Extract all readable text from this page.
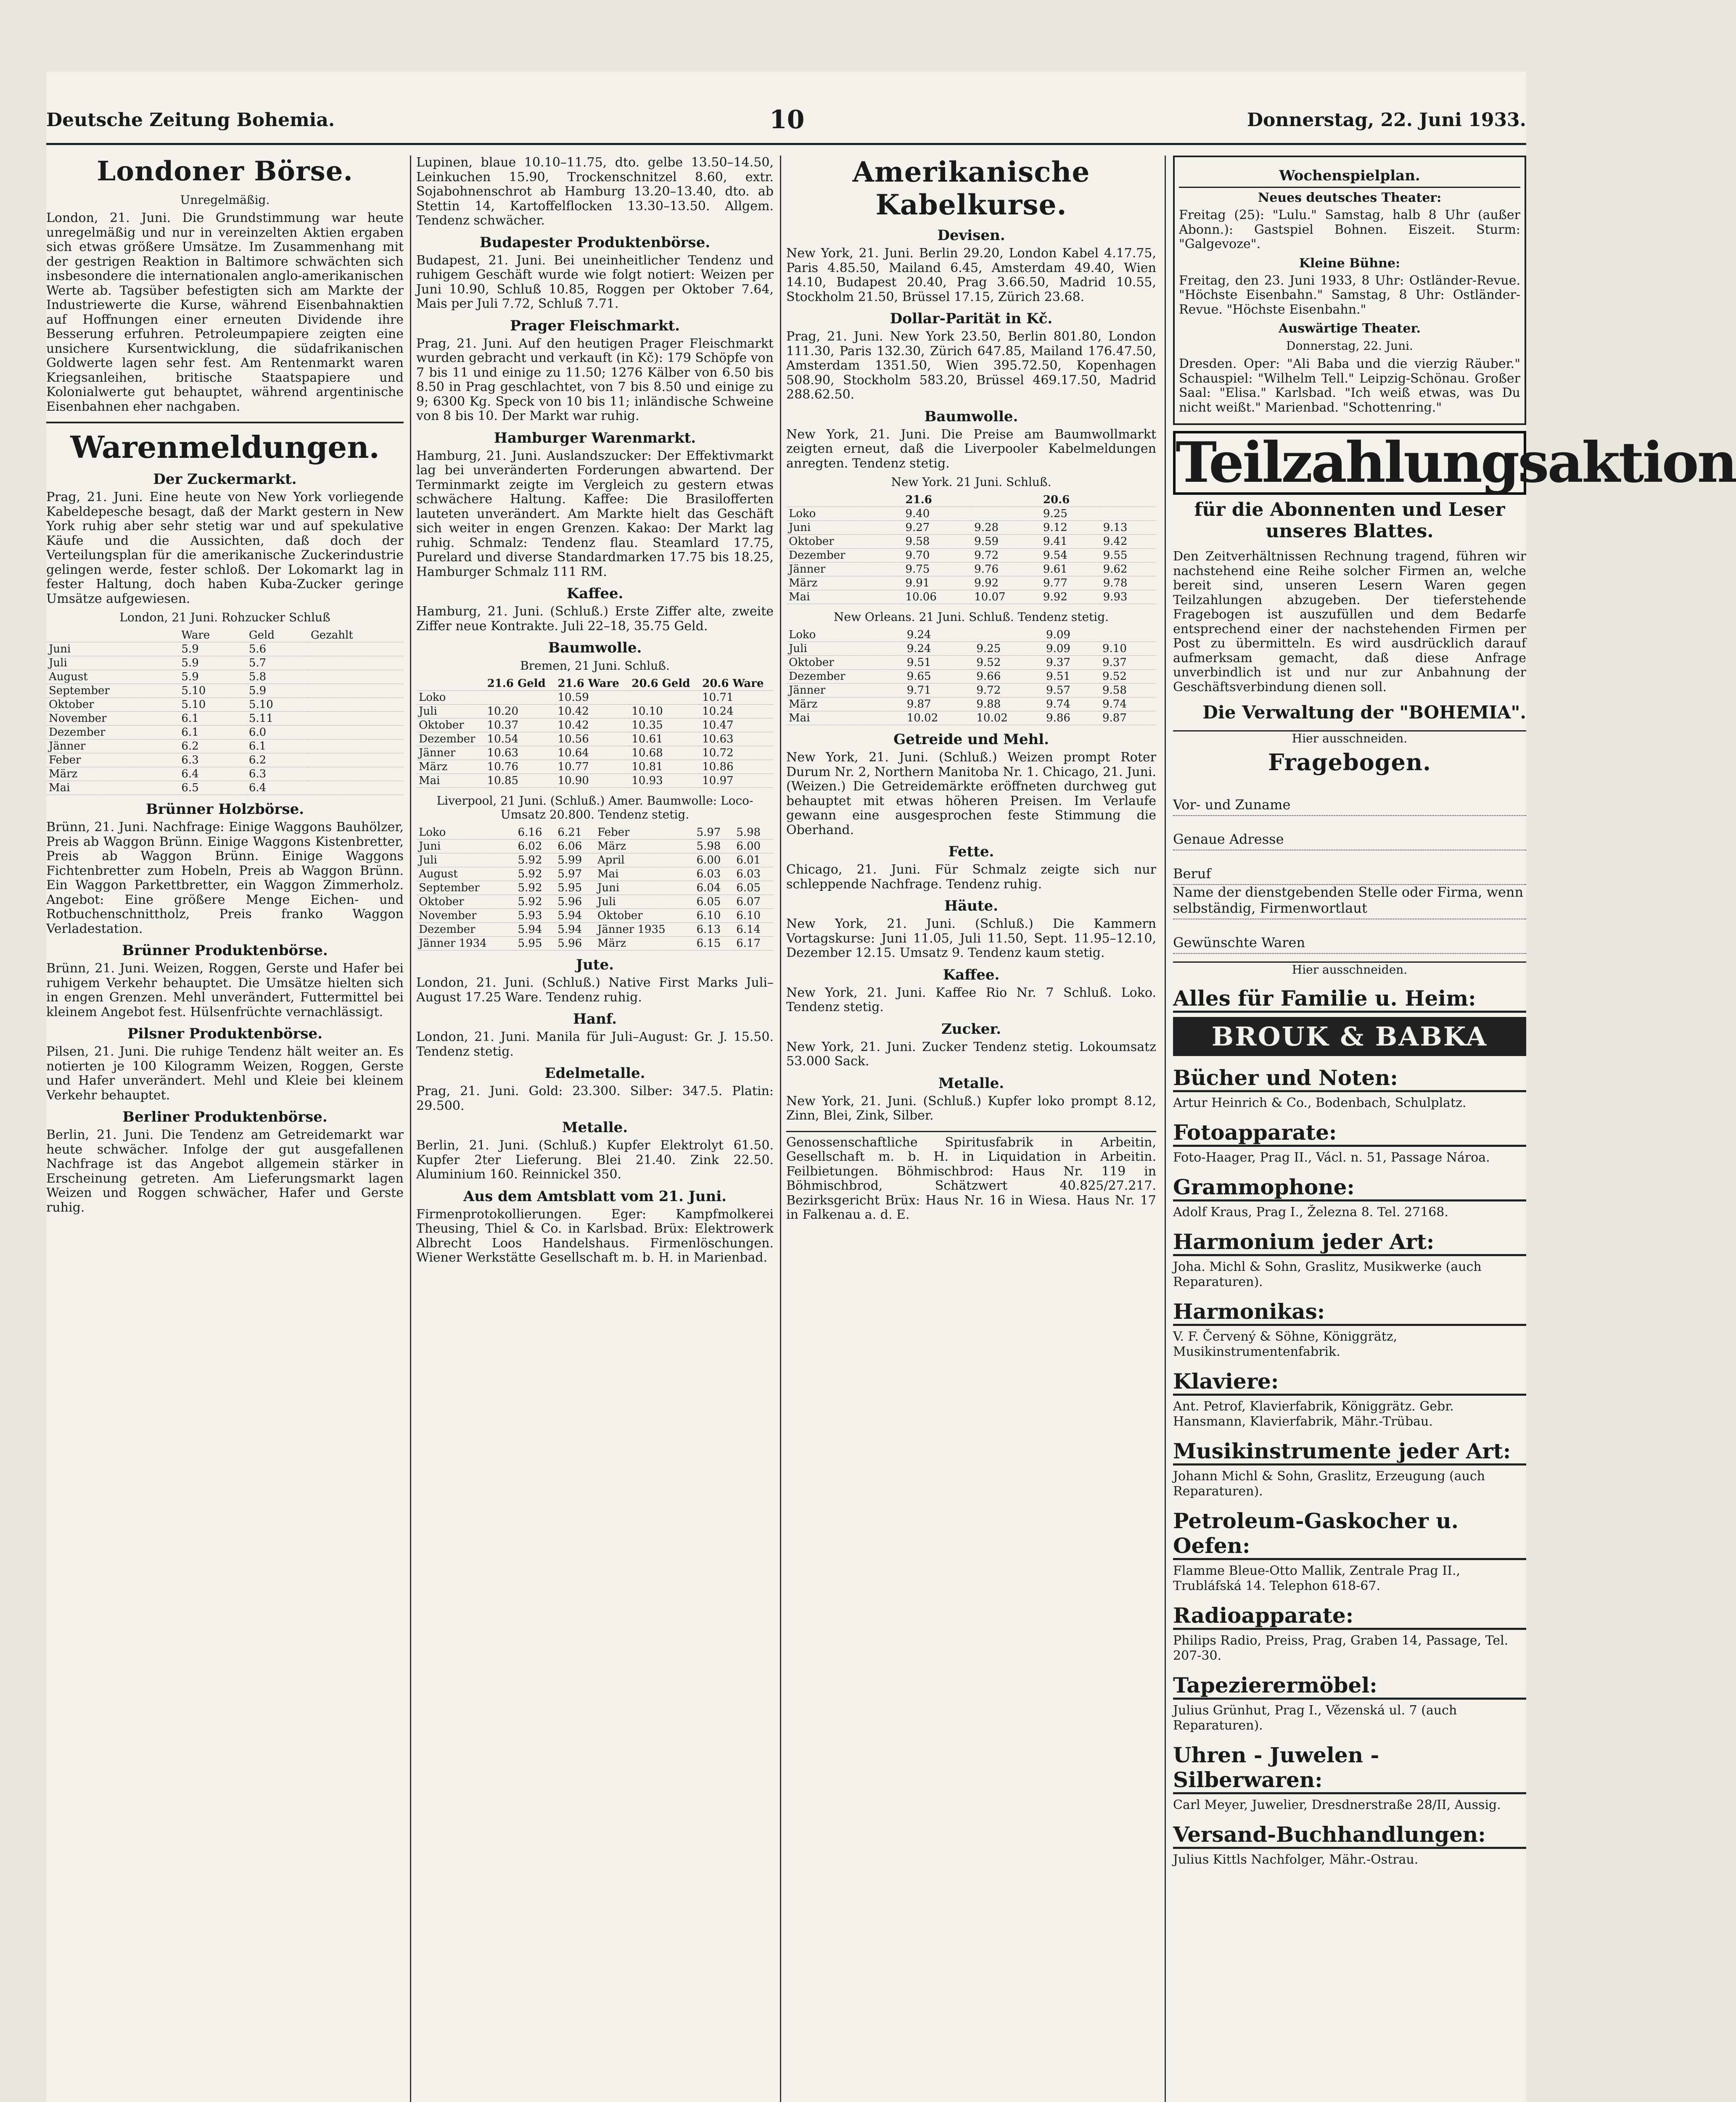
Deutsche Zeitung Bohemia.	10	Donnerstag, 22. Juni 1933.
Londoner Börse.
Unregelmäßig.

London, 21. Juni. Die Grundstimmung war heute unregelmäßig und nur in vereinzelten Aktien ergaben sich etwas größere Umsätze. Im Zusammenhang mit der gestrigen Reaktion in Baltimore schwächten sich insbesondere die internationalen anglo-amerikanischen Werte ab. Tagsüber befestigten sich am Markte der Industriewerte die Kurse, während Eisenbahnaktien auf Hoffnungen einer erneuten Dividende ihre Besserung erfuhren. Petroleumpapiere zeigten eine unsichere Kursentwicklung, die südafrikanischen Goldwerte lagen sehr fest. Am Rentenmarkt waren Kriegsanleihen, britische Staatspapiere und Kolonialwerte gut behauptet, während argentinische Eisenbahnen eher nachgaben.

Warenmeldungen.
Der Zuckermarkt.

Prag, 21. Juni. Eine heute von New York vorliegende Kabeldepesche besagt, daß der Markt gestern in New York ruhig aber sehr stetig war und auf spekulative Käufe und die Aussichten, daß doch der Verteilungsplan für die amerikanische Zuckerindustrie gelingen werde, fester schloß. Der Lokomarkt lag in fester Haltung, doch haben Kuba-Zucker geringe Umsätze aufgewiesen.

London, 21 Juni. Rohzucker Schluß
	Ware	Geld	Gezahlt
Juni	5.9	5.6	
Juli	5.9	5.7	
August	5.9	5.8	
September	5.10	5.9	
Oktober	5.10	5.10	
November	6.1	5.11	
Dezember	6.1	6.0	
Jänner	6.2	6.1	
Feber	6.3	6.2	
März	6.4	6.3	
Mai	6.5	6.4	
Brünner Holzbörse.

Brünn, 21. Juni. Nachfrage: Einige Waggons Bauhölzer, Preis ab Waggon Brünn. Einige Waggons Kistenbretter, Preis ab Waggon Brünn. Einige Waggons Fichtenbretter zum Hobeln, Preis ab Waggon Brünn. Ein Waggon Parkettbretter, ein Waggon Zimmerholz. Angebot: Eine größere Menge Eichen- und Rotbuchenschnittholz, Preis franko Waggon Verladestation.

Brünner Produktenbörse.

Brünn, 21. Juni. Weizen, Roggen, Gerste und Hafer bei ruhigem Verkehr behauptet. Die Umsätze hielten sich in engen Grenzen. Mehl unverändert, Futtermittel bei kleinem Angebot fest. Hülsenfrüchte vernachlässigt.

Pilsner Produktenbörse.

Pilsen, 21. Juni. Die ruhige Tendenz hält weiter an. Es notierten je 100 Kilogramm Weizen, Roggen, Gerste und Hafer unverändert. Mehl und Kleie bei kleinem Verkehr behauptet.

Berliner Produktenbörse.

Berlin, 21. Juni. Die Tendenz am Getreidemarkt war heute schwächer. Infolge der gut ausgefallenen Nachfrage ist das Angebot allgemein stärker in Erscheinung getreten. Am Lieferungsmarkt lagen Weizen und Roggen schwächer, Hafer und Gerste ruhig.

Lupinen, blaue 10.10–11.75, dto. gelbe 13.50–14.50, Leinkuchen 15.90, Trockenschnitzel 8.60, extr. Sojabohnenschrot ab Hamburg 13.20–13.40, dto. ab Stettin 14, Kartoffelflocken 13.30–13.50. Allgem. Tendenz schwächer.

Budapester Produktenbörse.

Budapest, 21. Juni. Bei uneinheitlicher Tendenz und ruhigem Geschäft wurde wie folgt notiert: Weizen per Juni 10.90, Schluß 10.85, Roggen per Oktober 7.64, Mais per Juli 7.72, Schluß 7.71.

Prager Fleischmarkt.

Prag, 21. Juni. Auf den heutigen Prager Fleischmarkt wurden gebracht und verkauft (in Kč): 179 Schöpfe von 7 bis 11 und einige zu 11.50; 1276 Kälber von 6.50 bis 8.50 in Prag geschlachtet, von 7 bis 8.50 und einige zu 9; 6300 Kg. Speck von 10 bis 11; inländische Schweine von 8 bis 10. Der Markt war ruhig.

Hamburger Warenmarkt.

Hamburg, 21. Juni. Auslandszucker: Der Effektivmarkt lag bei unveränderten Forderungen abwartend. Der Terminmarkt zeigte im Vergleich zu gestern etwas schwächere Haltung. Kaffee: Die Brasilofferten lauteten unverändert. Am Markte hielt das Geschäft sich weiter in engen Grenzen. Kakao: Der Markt lag ruhig. Schmalz: Tendenz flau. Steamlard 17.75, Purelard und diverse Standardmarken 17.75 bis 18.25, Hamburger Schmalz 111 RM.

Kaffee.

Hamburg, 21. Juni. (Schluß.) Erste Ziffer alte, zweite Ziffer neue Kontrakte. Juli 22–18, 35.75 Geld.

Baumwolle.
Bremen, 21 Juni. Schluß.
	21.6 Geld	21.6 Ware	20.6 Geld	20.6 Ware
Loko		10.59		10.71
Juli	10.20	10.42	10.10	10.24
Oktober	10.37	10.42	10.35	10.47
Dezember	10.54	10.56	10.61	10.63
Jänner	10.63	10.64	10.68	10.72
März	10.76	10.77	10.81	10.86
Mai	10.85	10.90	10.93	10.97
Liverpool, 21 Juni. (Schluß.) Amer. Baumwolle: Loco-Umsatz 20.800. Tendenz stetig.
Loko	6.16	6.21	Feber	5.97	5.98
Juni	6.02	6.06	März	5.98	6.00
Juli	5.92	5.99	April	6.00	6.01
August	5.92	5.97	Mai	6.03	6.03
September	5.92	5.95	Juni	6.04	6.05
Oktober	5.92	5.96	Juli	6.05	6.07
November	5.93	5.94	Oktober	6.10	6.10
Dezember	5.94	5.94	Jänner 1935	6.13	6.14
Jänner 1934	5.95	5.96	März	6.15	6.17
Jute.

London, 21. Juni. (Schluß.) Native First Marks Juli–August 17.25 Ware. Tendenz ruhig.

Hanf.

London, 21. Juni. Manila für Juli–August: Gr. J. 15.50. Tendenz stetig.

Edelmetalle.

Prag, 21. Juni. Gold: 23.300. Silber: 347.5. Platin: 29.500.

Metalle.

Berlin, 21. Juni. (Schluß.) Kupfer Elektrolyt 61.50. Kupfer 2ter Lieferung. Blei 21.40. Zink 22.50. Aluminium 160. Reinnickel 350.

Aus dem Amtsblatt vom 21. Juni.

Firmenprotokollierungen. Eger: Kampfmolkerei Theusing, Thiel & Co. in Karlsbad. Brüx: Elektrowerk Albrecht Loos Handelshaus. Firmenlöschungen. Wiener Werkstätte Gesellschaft m. b. H. in Marienbad.

Amerikanische Kabelkurse.
Devisen.

New York, 21. Juni. Berlin 29.20, London Kabel 4.17.75, Paris 4.85.50, Mailand 6.45, Amsterdam 49.40, Wien 14.10, Budapest 20.40, Prag 3.66.50, Madrid 10.55, Stockholm 21.50, Brüssel 17.15, Zürich 23.68.

Dollar-Parität in Kč.

Prag, 21. Juni. New York 23.50, Berlin 801.80, London 111.30, Paris 132.30, Zürich 647.85, Mailand 176.47.50, Amsterdam 1351.50, Wien 395.72.50, Kopenhagen 508.90, Stockholm 583.20, Brüssel 469.17.50, Madrid 288.62.50.

Baumwolle.

New York, 21. Juni. Die Preise am Baumwollmarkt zeigten erneut, daß die Liverpooler Kabelmeldungen anregten. Tendenz stetig.

New York. 21 Juni. Schluß.
	21.6		20.6	
Loko	9.40		9.25	
Juni	9.27	9.28	9.12	9.13
Oktober	9.58	9.59	9.41	9.42
Dezember	9.70	9.72	9.54	9.55
Jänner	9.75	9.76	9.61	9.62
März	9.91	9.92	9.77	9.78
Mai	10.06	10.07	9.92	9.93
New Orleans. 21 Juni. Schluß. Tendenz stetig.
Loko	9.24		9.09	
Juli	9.24	9.25	9.09	9.10
Oktober	9.51	9.52	9.37	9.37
Dezember	9.65	9.66	9.51	9.52
Jänner	9.71	9.72	9.57	9.58
März	9.87	9.88	9.74	9.74
Mai	10.02	10.02	9.86	9.87
Getreide und Mehl.

New York, 21. Juni. (Schluß.) Weizen prompt Roter Durum Nr. 2, Northern Manitoba Nr. 1. Chicago, 21. Juni. (Weizen.) Die Getreidemärkte eröffneten durchweg gut behauptet mit etwas höheren Preisen. Im Verlaufe gewann eine ausgesprochen feste Stimmung die Oberhand.

Fette.

Chicago, 21. Juni. Für Schmalz zeigte sich nur schleppende Nachfrage. Tendenz ruhig.

Häute.

New York, 21. Juni. (Schluß.) Die Kammern Vortagskurse: Juni 11.05, Juli 11.50, Sept. 11.95–12.10, Dezember 12.15. Umsatz 9. Tendenz kaum stetig.

Kaffee.

New York, 21. Juni. Kaffee Rio Nr. 7 Schluß. Loko. Tendenz stetig.

Zucker.

New York, 21. Juni. Zucker Tendenz stetig. Lokoumsatz 53.000 Sack.

Metalle.

New York, 21. Juni. (Schluß.) Kupfer loko prompt 8.12, Zinn, Blei, Zink, Silber.

Genossenschaftliche Spiritusfabrik in Arbeitin, Gesellschaft m. b. H. in Liquidation in Arbeitin. Feilbietungen. Böhmischbrod: Haus Nr. 119 in Böhmischbrod, Schätzwert 40.825/27.217. Bezirksgericht Brüx: Haus Nr. 16 in Wiesa. Haus Nr. 17 in Falkenau a. d. E.

Wochenspielplan.
Neues deutsches Theater:

Freitag (25): "Lulu." Samstag, halb 8 Uhr (außer Abonn.): Gastspiel Bohnen. Eiszeit. Sturm: "Galgevoze".

Kleine Bühne:

Freitag, den 23. Juni 1933, 8 Uhr: Ostländer-Revue. "Höchste Eisenbahn." Samstag, 8 Uhr: Ostländer-Revue. "Höchste Eisenbahn."

Auswärtige Theater.
Donnerstag, 22. Juni.

Dresden. Oper: "Ali Baba und die vierzig Räuber." Schauspiel: "Wilhelm Tell." Leipzig-Schönau. Großer Saal: "Elisa." Karlsbad. "Ich weiß etwas, was Du nicht weißt." Marienbad. "Schottenring."

Teilzahlungsaktion
für die Abonnenten und Leser unseres Blattes.

Den Zeitverhältnissen Rechnung tragend, führen wir nachstehend eine Reihe solcher Firmen an, welche bereit sind, unseren Lesern Waren gegen Teilzahlungen abzugeben. Der tieferstehende Fragebogen ist auszufüllen und dem Bedarfe entsprechend einer der nachstehenden Firmen per Post zu übermitteln. Es wird ausdrücklich darauf aufmerksam gemacht, daß diese Anfrage unverbindlich ist und nur zur Anbahnung der Geschäftsverbindung dienen soll.

Die Verwaltung der "BOHEMIA".
Hier ausschneiden.
Fragebogen.
Vor- und Zuname
Genaue Adresse
Beruf
Name der dienstgebenden Stelle oder Firma, wenn selbständig, Firmenwortlaut
Gewünschte Waren
Hier ausschneiden.
Alles für Familie u. Heim:
BROUK & BABKA
Bücher und Noten:
Artur Heinrich & Co., Bodenbach, Schulplatz.
Fotoapparate:
Foto-Haager, Prag II., Václ. n. 51, Passage Nároa.
Grammophone:
Adolf Kraus, Prag I., Železna 8. Tel. 27168.
Harmonium jeder Art:
Joha. Michl & Sohn, Graslitz, Musikwerke (auch Reparaturen).
Harmonikas:
V. F. Červený & Söhne, Königgrätz, Musikinstrumentenfabrik.
Klaviere:
Ant. Petrof, Klavierfabrik, Königgrätz. Gebr. Hansmann, Klavierfabrik, Mähr.-Trübau.
Musikinstrumente jeder Art:
Johann Michl & Sohn, Graslitz, Erzeugung (auch Reparaturen).
Petroleum-Gaskocher u. Oefen:
Flamme Bleue-Otto Mallik, Zentrale Prag II., Trubláfská 14. Telephon 618-67.
Radioapparate:
Philips Radio, Preiss, Prag, Graben 14, Passage, Tel. 207-30.
Tapezierermöbel:
Julius Grünhut, Prag I., Vězenská ul. 7 (auch Reparaturen).
Uhren - Juwelen - Silberwaren:
Carl Meyer, Juwelier, Dresdnerstraße 28/II, Aussig.
Versand-Buchhandlungen:
Julius Kittls Nachfolger, Mähr.-Ostrau.
